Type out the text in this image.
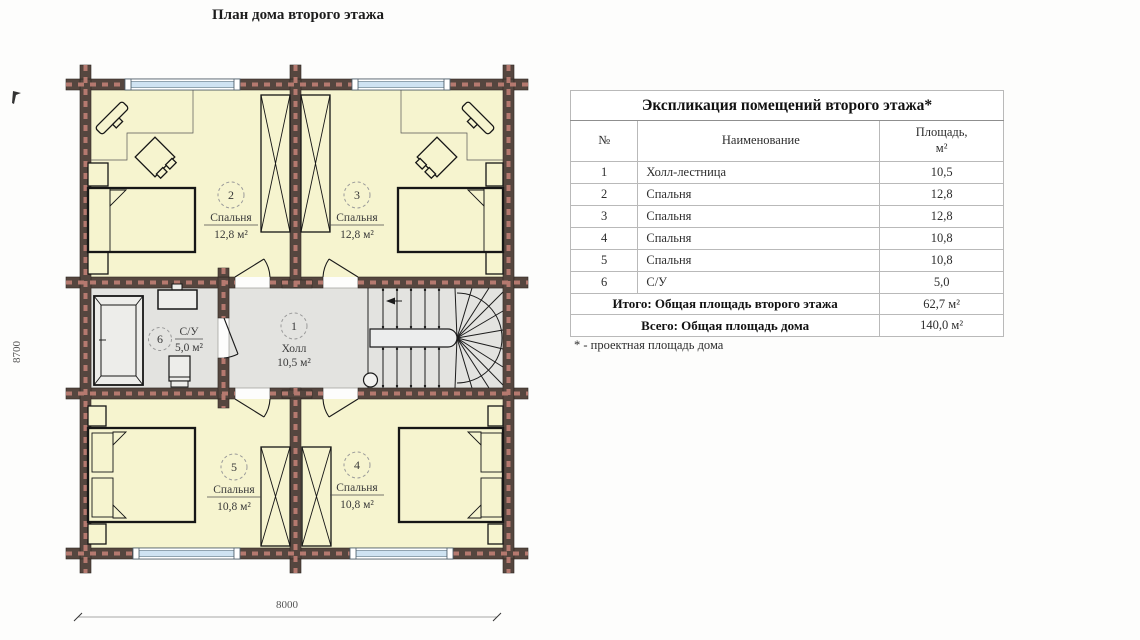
План дома второго этажа
2
Спальня
12,8 м²
3
Спальня
12,8 м²
5
Спальня
10,8 м²
4
Спальня
10,8 м²
1
Холл
10,5 м²
6 С/У
5,0 м²
8000
8700
Экспликация помещений второго этажа*		
№	Наименование	Площадь,
м²
1	Холл-лестница	10,5
2	Спальня	12,8
3	Спальня	12,8
4	Спальня	10,8
5	Спальня	10,8
6	С/У	5,0
Итого: Общая площадь второго этажа		62,7 м²
Всего: Общая площадь дома		140,0 м²
* - проектная площадь дома
